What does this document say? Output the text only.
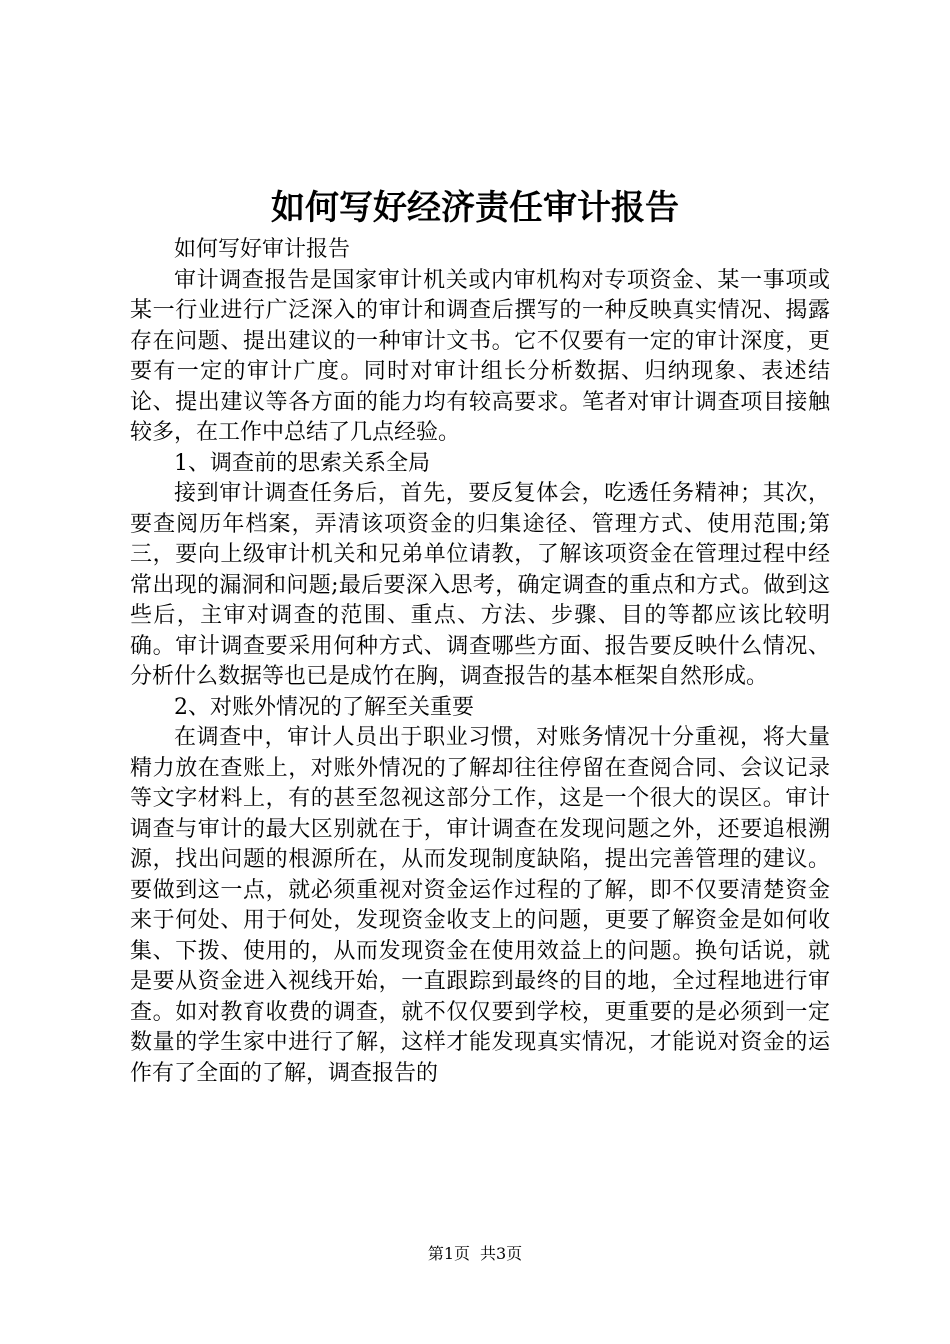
如何写好经济责任审计报告

如何写好审计报告

审计调查报告是国家审计机关或内审机构对专项资金、某一事项或某一行业进行广泛深入的审计和调查后撰写的一种反映真实情况、揭露存在问题、提出建议的一种审计文书。它不仅要有一定的审计深度，更要有一定的审计广度。同时对审计组长分析数据、归纳现象、表述结论、提出建议等各方面的能力均有较高要求。笔者对审计调查项目接触较多，在工作中总结了几点经验。

1、调查前的思索关系全局

接到审计调查任务后，首先，要反复体会，吃透任务精神；其次，要查阅历年档案，弄清该项资金的归集途径、管理方式、使用范围;第三，要向上级审计机关和兄弟单位请教，了解该项资金在管理过程中经常出现的漏洞和问题;最后要深入思考，确定调查的重点和方式。做到这些后，主审对调查的范围、重点、方法、步骤、目的等都应该比较明确。审计调查要采用何种方式、调查哪些方面、报告要反映什么情况、分析什么数据等也已是成竹在胸，调查报告的基本框架自然形成。

2、对账外情况的了解至关重要

在调查中，审计人员出于职业习惯，对账务情况十分重视，将大量精力放在查账上，对账外情况的了解却往往停留在查阅合同、会议记录等文字材料上，有的甚至忽视这部分工作，这是一个很大的误区。审计调查与审计的最大区别就在于，审计调查在发现问题之外，还要追根溯源，找出问题的根源所在，从而发现制度缺陷，提出完善管理的建议。要做到这一点，就必须重视对资金运作过程的了解，即不仅要清楚资金来于何处、用于何处，发现资金收支上的问题，更要了解资金是如何收集、下拨、使用的，从而发现资金在使用效益上的问题。换句话说，就是要从资金进入视线开始，一直跟踪到最终的目的地，全过程地进行审查。如对教育收费的调查，就不仅仅要到学校，更重要的是必须到一定数量的学生家中进行了解，这样才能发现真实情况，才能说对资金的运作有了全面的了解，调查报告的

第1页 共3页
